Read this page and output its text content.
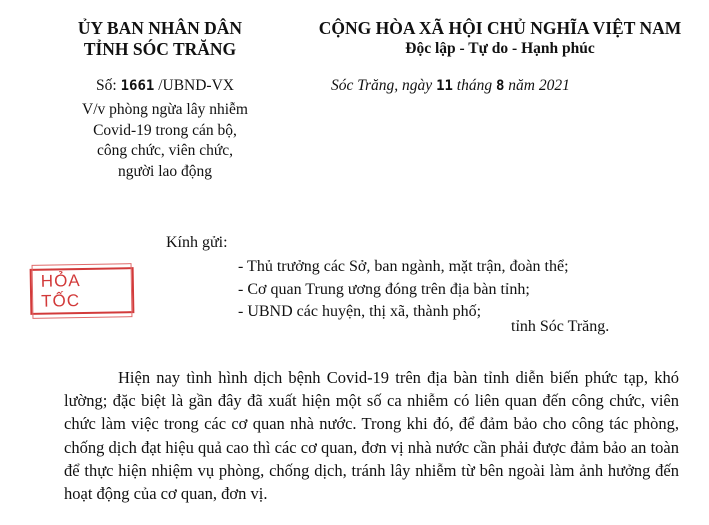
ỦY BAN NHÂN DÂN
TỈNH SÓC TRĂNG
CỘNG HÒA XÃ HỘI CHỦ NGHĨA VIỆT NAM
Độc lập - Tự do - Hạnh phúc
Số: 1661 /UBND-VX
V/v phòng ngừa lây nhiễm
Covid-19 trong cán bộ,
công chức, viên chức,
người lao động
Sóc Trăng, ngày 11 tháng 8 năm 2021
HỎA TỐC
Kính gửi:
- Thủ trưởng các Sở, ban ngành, mặt trận, đoàn thể;
- Cơ quan Trung ương đóng trên địa bàn tỉnh;
- UBND các huyện, thị xã, thành phố;
tỉnh Sóc Trăng.

Hiện nay tình hình dịch bệnh Covid-19 trên địa bàn tỉnh diễn biến phức tạp, khó lường; đặc biệt là gần đây đã xuất hiện một số ca nhiễm có liên quan đến công chức, viên chức làm việc trong các cơ quan nhà nước. Trong khi đó, để đảm bảo cho công tác phòng, chống dịch đạt hiệu quả cao thì các cơ quan, đơn vị nhà nước cần phải được đảm bảo an toàn để thực hiện nhiệm vụ phòng, chống dịch, tránh lây nhiễm từ bên ngoài làm ảnh hưởng đến hoạt động của cơ quan, đơn vị.
